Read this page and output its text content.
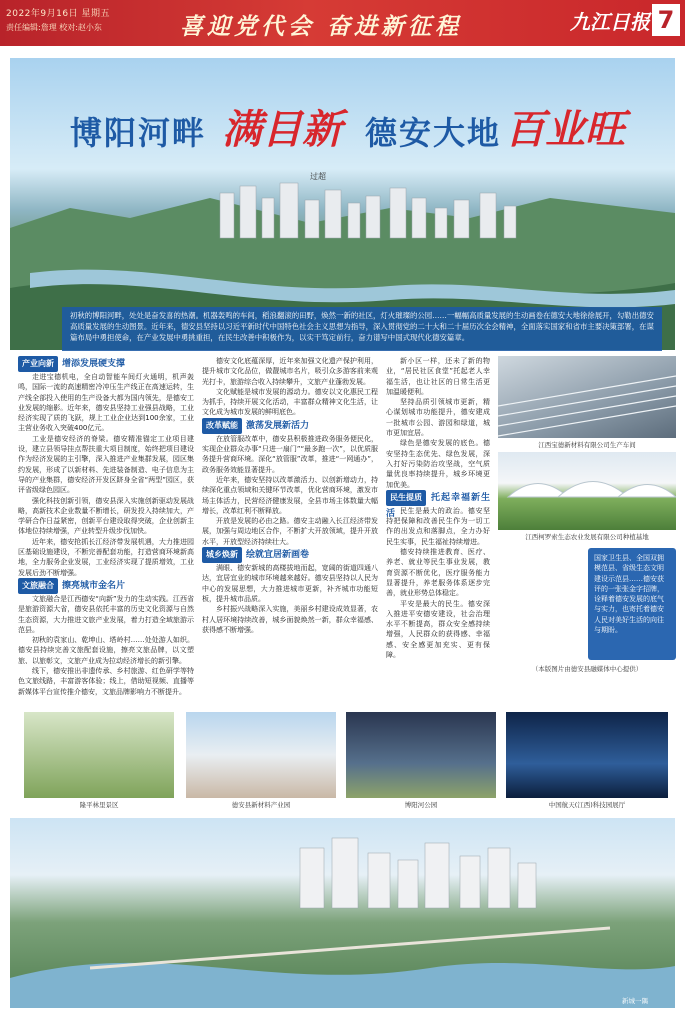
2022年9月16日 星期五
责任编辑:詹理 校对:赵小东	喜迎党代会 奋进新征程	九江日报 7
博阳河畔 满目新 德安大地 百业旺
过超
初秋的博阳河畔，处处是奋发喜的热潮。机器轰鸣的车间，稻浪翻滚的田野，焕然一新的社区，灯火璀璨的公园……一幅幅高质量发展的生动画卷在德安大地徐徐展开，勾勒出德安高质量发展的生动图景。近年来，德安县坚持以习近平新时代中国特色社会主义思想为指导，深入贯彻党的二十大和二十届历次全会精神，全面落实国家和省市主要决策部署，在谋篇布局中勇担使命，在产业发展中勇挑重担，在民生改善中积极作为，以实干笃定前行，奋力谱写中国式现代化德安篇章。
产业向新 增添发展硬支撑

走进宝德机电，全自动智能车间灯火通明，机声轰鸣，国际一流的高速精密冷冲压生产线正在高速运转，生产线全部投入使用的生产设备大都为国内领先，是德安工业发展的缩影。近年来，德安县坚持工业强县战略，工业经济实现了质的飞跃，规上工业企业达到100余家，工业主营业务收入突破400亿元。

工业是德安经济的脊梁。德安精准锚定工业项目建设，建立县领导挂点帮扶重大项目制度，始终把项目建设作为经济发展的主引擎，深入推进产业集群发展，园区集约发展，形成了以新材料、先进装备制造、电子信息为主导的产业集群，德安经济开发区跻身全省“两型”园区，获评省级绿色园区。

强化科技创新引领，德安县深入实施创新驱动发展战略，高新技术企业数量不断增长，研发投入持续加大，产学研合作日益紧密，创新平台建设取得突破，企业创新主体地位持续增强，产业转型升级步伐加快。

近年来，德安抢抓长江经济带发展机遇，大力推进园区基础设施建设，不断完善配套功能，打造营商环境新高地，全力服务企业发展，工业经济实现了提质增效，工业发展后劲不断增强。

文旅融合 擦亮城市金名片

文旅融合是江西德安“向新”发力的生动实践。江西省是旅游资源大省，德安县依托丰富的历史文化资源与自然生态资源，大力推进文旅产业发展，着力打造全域旅游示范县。

初秋的袁家山、乾坤山、塔岭村……处处游人如织。德安县持续完善文旅配套设施，擦亮文旅品牌，以文塑旅、以旅彰文，文旅产业成为拉动经济增长的新引擎。

线下，德安推出非遗传承、乡村旅游、红色研学等特色文旅线路，丰富游客体验；线上，借助短视频、直播等新媒体平台宣传推介德安，文旅品牌影响力不断提升。

德安文化底蕴深厚，近年来加强文化遗产保护利用，提升城市文化品位，做靓城市名片，吸引众多游客前来观光打卡，旅游综合收入持续攀升，文旅产业蓬勃发展。

文化赋能是城市发展的源动力。德安以文化惠民工程为抓手，持续开展文化活动，丰富群众精神文化生活，让文化成为城市发展的鲜明底色。

改革赋能 激荡发展新活力

在放管服改革中，德安县积极推进政务服务便民化，实现企业群众办事“只进一扇门”“最多跑一次”，以优质服务提升营商环境。深化“放管服”改革，推进“一网通办”，政务服务效能显著提升。

近年来，德安坚持以改革激活力、以创新增动力，持续深化重点领域和关键环节改革，优化营商环境，激发市场主体活力，民营经济健康发展，全县市场主体数量大幅增长，改革红利不断释放。

开放是发展的必由之路。德安主动融入长江经济带发展，加强与周边地区合作，不断扩大开放领域，提升开放水平，开放型经济持续壮大。

城乡焕新 绘就宜居新画卷

满眼、德安新城的高楼拔地而起，宽阔的街道四通八达，宜居宜业的城市环境越来越好。德安县坚持以人民为中心的发展思想，大力推进城市更新，补齐城市功能短板，提升城市品质。

乡村振兴战略深入实施，美丽乡村建设成效显著，农村人居环境持续改善，城乡面貌焕然一新，群众幸福感、获得感不断增强。

新小区一样，还未了新的物业，“居民社区食堂”托起老人幸福生活，也让社区的日常生活更加温暖便利。

坚持品质引领城市更新，精心谋划城市功能提升，德安建成一批城市公园、游园和绿道，城市更加宜居。

绿色是德安发展的底色。德安坚持生态优先、绿色发展，深入打好污染防治攻坚战，空气质量优良率持续提升，城乡环境更加优美。

民生提质 托起幸福新生活 民生是最大的政治。德安坚持把保障和改善民生作为一切工作的出发点和落脚点，全力办好民生实事，民生福祉持续增进。

德安持续推进教育、医疗、养老、就业等民生事业发展，教育资源不断优化，医疗服务能力显著提升，养老服务体系逐步完善，就业形势总体稳定。

平安是最大的民生。德安深入推进平安德安建设，社会治理水平不断提高，群众安全感持续增强，人民群众的获得感、幸福感、安全感更加充实、更有保障。

江西宝德新材料有限公司生产车间
江西柯罗索生态农业发展有限公司种植基地
国家卫生县、全国双拥模范县、省级生态文明建设示范县……德安获评的一张张金字招牌，诠释着德安发展的底气与实力，也寄托着德安人民对美好生活的向往与期盼。
（本版图片由德安县融媒体中心提供）
隆平林里景区	德安县新材料产业园	博阳河公园	中国航天(江西)科技园展厅
新城一隅
